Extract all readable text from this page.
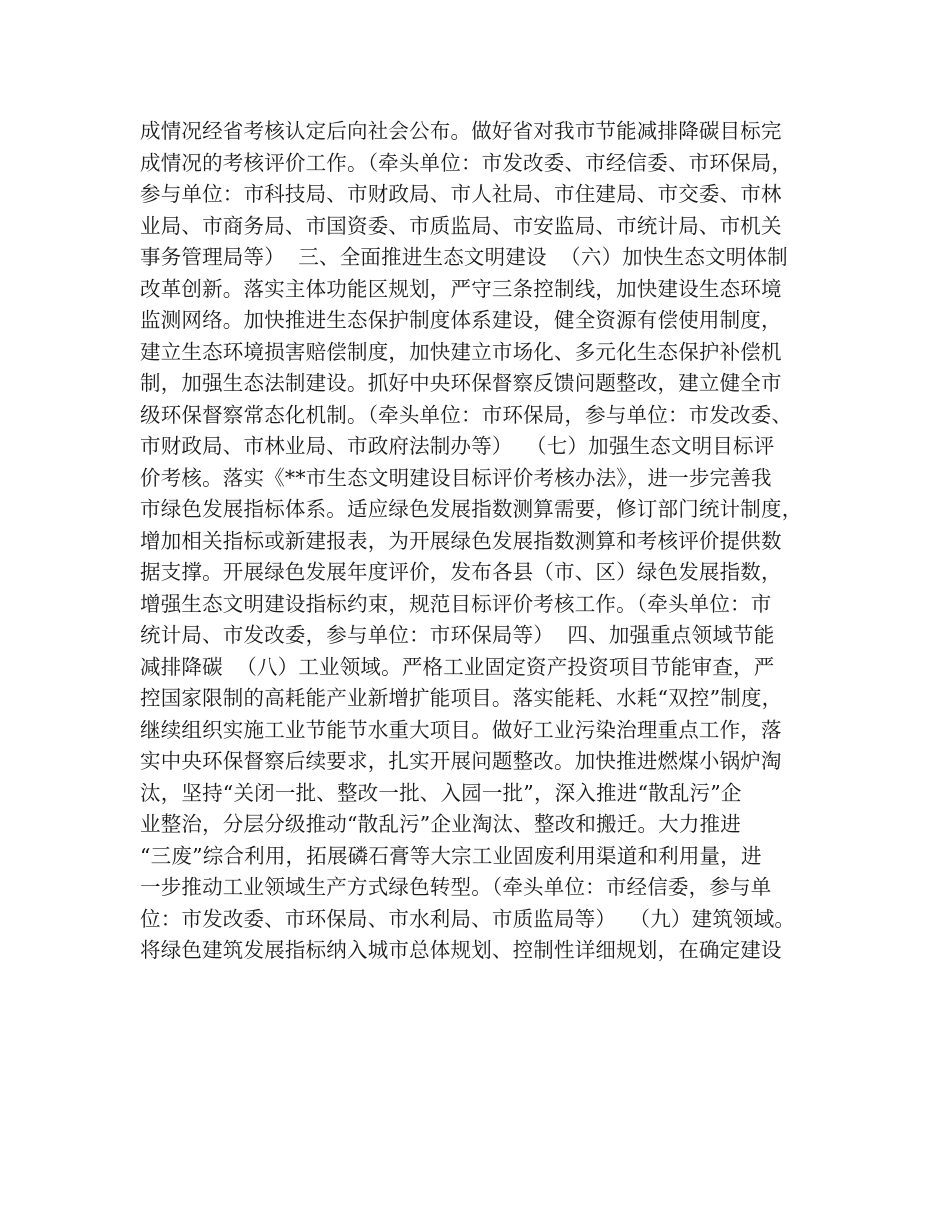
成情况经省考核认定后向社会公布。做好省对我市节能减排降碳目标完
成情况的考核评价工作。（牵头单位：市发改委、市经信委、市环保局，
参与单位：市科技局、市财政局、市人社局、市住建局、市交委、市林
业局、市商务局、市国资委、市质监局、市安监局、市统计局、市机关
事务管理局等）  三、全面推进生态文明建设  （六）加快生态文明体制
改革创新。落实主体功能区规划，严守三条控制线，加快建设生态环境
监测网络。加快推进生态保护制度体系建设，健全资源有偿使用制度，
建立生态环境损害赔偿制度，加快建立市场化、多元化生态保护补偿机
制，加强生态法制建设。抓好中央环保督察反馈问题整改，建立健全市
级环保督察常态化机制。（牵头单位：市环保局，参与单位：市发改委、
市财政局、市林业局、市政府法制办等）  （七）加强生态文明目标评
价考核。落实《**市生态文明建设目标评价考核办法》，进一步完善我
市绿色发展指标体系。适应绿色发展指数测算需要，修订部门统计制度，
增加相关指标或新建报表，为开展绿色发展指数测算和考核评价提供数
据支撑。开展绿色发展年度评价，发布各县（市、区）绿色发展指数，
增强生态文明建设指标约束，规范目标评价考核工作。（牵头单位：市
统计局、市发改委，参与单位：市环保局等）  四、加强重点领域节能
减排降碳  （八）工业领域。严格工业固定资产投资项目节能审查，严
控国家限制的高耗能产业新增扩能项目。落实能耗、水耗“双控”制度，
继续组织实施工业节能节水重大项目。做好工业污染治理重点工作，落
实中央环保督察后续要求，扎实开展问题整改。加快推进燃煤小锅炉淘
汰，坚持“关闭一批、整改一批、入园一批”，深入推进“散乱污”企
业整治，分层分级推动“散乱污”企业淘汰、整改和搬迁。大力推进
“三废”综合利用，拓展磷石膏等大宗工业固废利用渠道和利用量，进
一步推动工业领域生产方式绿色转型。（牵头单位：市经信委，参与单
位：市发改委、市环保局、市水利局、市质监局等）  （九）建筑领域。
将绿色建筑发展指标纳入城市总体规划、控制性详细规划，在确定建设
